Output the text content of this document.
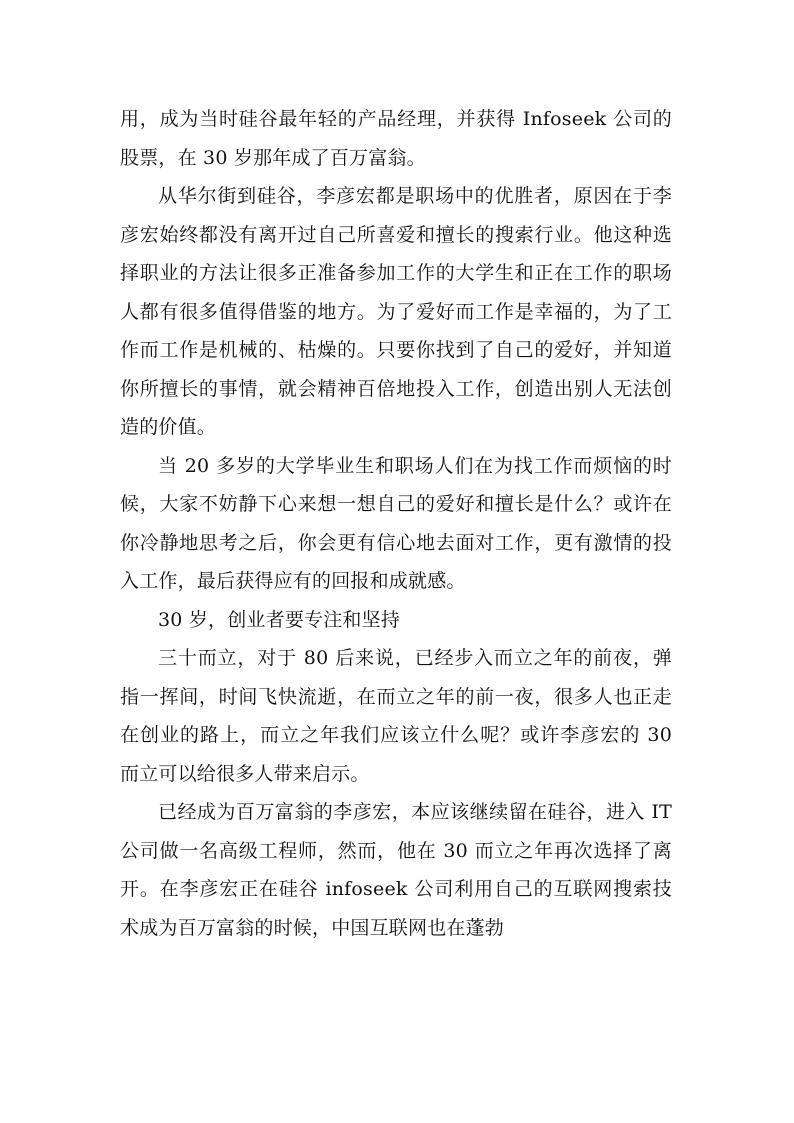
用，成为当时硅谷最年轻的产品经理，并获得 Infoseek 公司的股票，在 30 岁那年成了百万富翁。

从华尔街到硅谷，李彦宏都是职场中的优胜者，原因在于李彦宏始终都没有离开过自己所喜爱和擅长的搜索行业。他这种选择职业的方法让很多正准备参加工作的大学生和正在工作的职场人都有很多值得借鉴的地方。为了爱好而工作是幸福的，为了工作而工作是机械的、枯燥的。只要你找到了自己的爱好，并知道你所擅长的事情，就会精神百倍地投入工作，创造出别人无法创造的价值。

当 20 多岁的大学毕业生和职场人们在为找工作而烦恼的时候，大家不妨静下心来想一想自己的爱好和擅长是什么？或许在你冷静地思考之后，你会更有信心地去面对工作，更有激情的投入工作，最后获得应有的回报和成就感。

30 岁，创业者要专注和坚持

三十而立，对于 80 后来说，已经步入而立之年的前夜，弹指一挥间，时间飞快流逝，在而立之年的前一夜，很多人也正走在创业的路上，而立之年我们应该立什么呢？或许李彦宏的 30 而立可以给很多人带来启示。

已经成为百万富翁的李彦宏，本应该继续留在硅谷，进入 IT 公司做一名高级工程师，然而，他在 30 而立之年再次选择了离开。在李彦宏正在硅谷 infoseek 公司利用自己的互联网搜索技术成为百万富翁的时候，中国互联网也在蓬勃
